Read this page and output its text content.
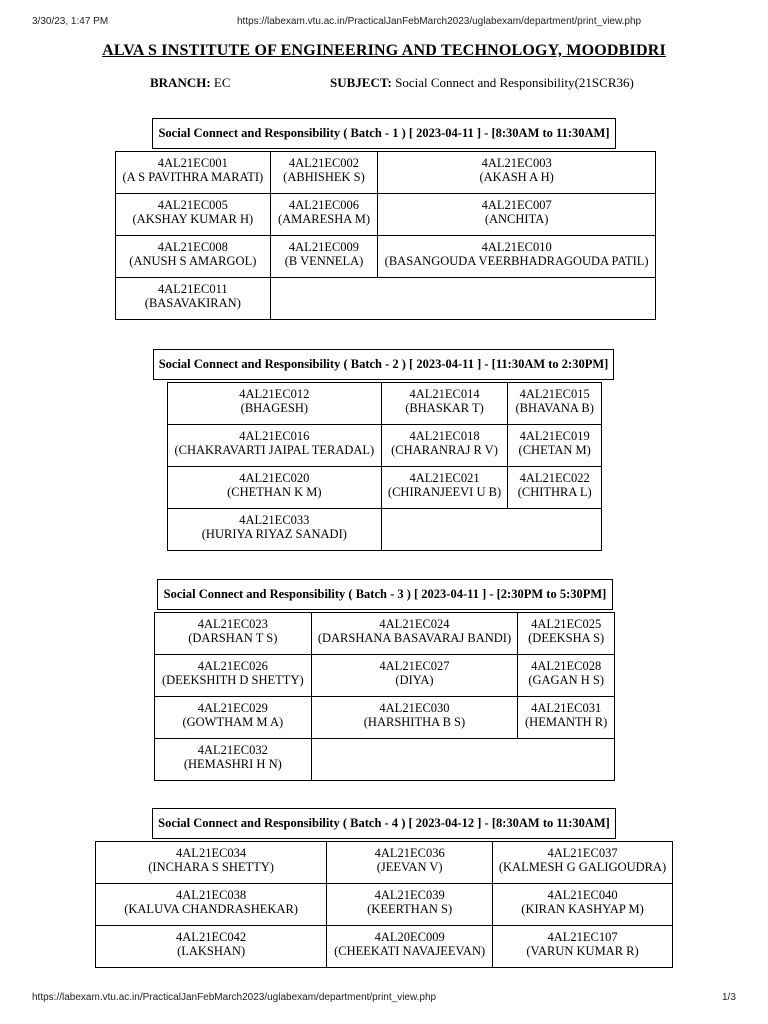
3/30/23, 1:47 PM	https://labexam.vtu.ac.in/PracticalJanFebMarch2023/uglabexam/department/print_view.php
ALVA S INSTITUTE OF ENGINEERING AND TECHNOLOGY, MOODBIDRI
BRANCH: EC	SUBJECT: Social Connect and Responsibility(21SCR36)
Social Connect and Responsibility ( Batch - 1 ) [ 2023-04-11 ] - [8:30AM to 11:30AM]
4AL21EC001
(A S PAVITHRA MARATI)	4AL21EC002
(ABHISHEK S)	4AL21EC003
(AKASH A H)

4AL21EC005
(AKSHAY KUMAR H)	4AL21EC006
(AMARESHA M)	4AL21EC007
(ANCHITA)

4AL21EC008
(ANUSH S AMARGOL)	4AL21EC009
(B VENNELA)	4AL21EC010
(BASANGOUDA VEERBHADRAGOUDA PATIL)

4AL21EC011
(BASAVAKIRAN)		

Social Connect and Responsibility ( Batch - 2 ) [ 2023-04-11 ] - [11:30AM to 2:30PM]
4AL21EC012
(BHAGESH)	4AL21EC014
(BHASKAR T)	4AL21EC015
(BHAVANA B)

4AL21EC016
(CHAKRAVARTI JAIPAL TERADAL)	4AL21EC018
(CHARANRAJ R V)	4AL21EC019
(CHETAN M)

4AL21EC020
(CHETHAN K M)	4AL21EC021
(CHIRANJEEVI U B)	4AL21EC022
(CHITHRA L)

4AL21EC033
(HURIYA RIYAZ SANADI)		

Social Connect and Responsibility ( Batch - 3 ) [ 2023-04-11 ] - [2:30PM to 5:30PM]
4AL21EC023
(DARSHAN T S)	4AL21EC024
(DARSHANA BASAVARAJ BANDI)	4AL21EC025
(DEEKSHA S)

4AL21EC026
(DEEKSHITH D SHETTY)	4AL21EC027
(DIYA)	4AL21EC028
(GAGAN H S)

4AL21EC029
(GOWTHAM M A)	4AL21EC030
(HARSHITHA B S)	4AL21EC031
(HEMANTH R)

4AL21EC032
(HEMASHRI H N)		

Social Connect and Responsibility ( Batch - 4 ) [ 2023-04-12 ] - [8:30AM to 11:30AM]
4AL21EC034
(INCHARA S SHETTY)	4AL21EC036
(JEEVAN V)	4AL21EC037
(KALMESH G GALIGOUDRA)

4AL21EC038
(KALUVA CHANDRASHEKAR)	4AL21EC039
(KEERTHAN S)	4AL21EC040
(KIRAN KASHYAP M)

4AL21EC042
(LAKSHAN)	4AL20EC009
(CHEEKATI NAVAJEEVAN)	4AL21EC107
(VARUN KUMAR R)
https://labexam.vtu.ac.in/PracticalJanFebMarch2023/uglabexam/department/print_view.php	1/3
